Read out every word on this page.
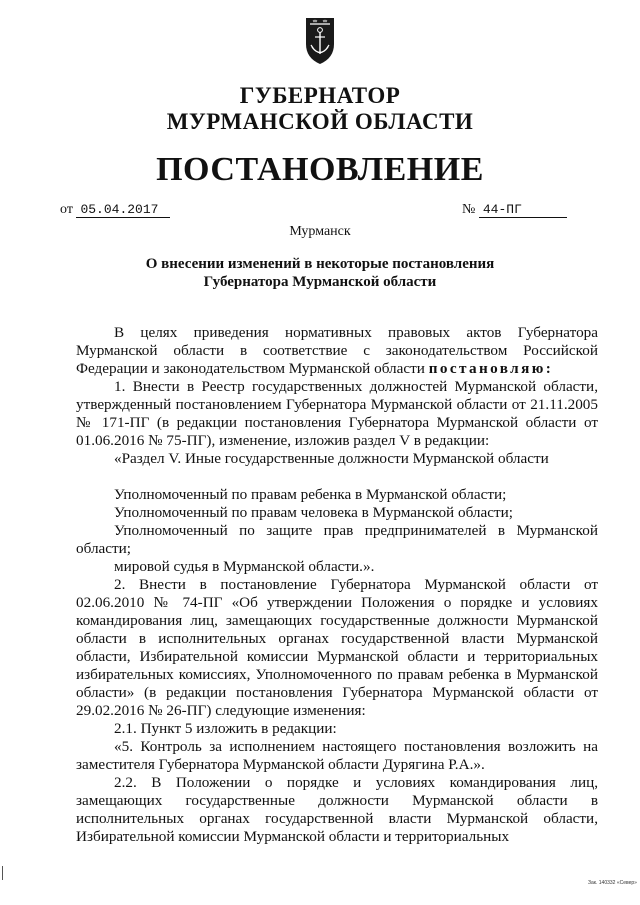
ГУБЕРНАТОР
МУРМАНСКОЙ ОБЛАСТИ
ПОСТАНОВЛЕНИЕ
от 05.04.2017	№ 44-ПГ
Мурманск
О внесении изменений в некоторые постановления
Губернатора Мурманской области

В целях приведения нормативных правовых актов Губернатора Мурманской области в соответствие с законодательством Российской Федерации и законодательством Мурманской области постановляю:

1. Внести в Реестр государственных должностей Мурманской области, утвержденный постановлением Губернатора Мурманской области от 21.11.2005 № 171-ПГ (в редакции постановления Губернатора Мурманской области от 01.06.2016 № 75-ПГ), изменение, изложив раздел V в редакции:

«Раздел V. Иные государственные должности Мурманской области

Уполномоченный по правам ребенка в Мурманской области;

Уполномоченный по правам человека в Мурманской области;

Уполномоченный по защите прав предпринимателей в Мурманской области;

мировой судья в Мурманской области.».

2. Внести в постановление Губернатора Мурманской области от 02.06.2010 № 74-ПГ «Об утверждении Положения о порядке и условиях командирования лиц, замещающих государственные должности Мурманской области в исполнительных органах государственной власти Мурманской области, Избирательной комиссии Мурманской области и территориальных избирательных комиссиях, Уполномоченного по правам ребенка в Мурманской области» (в редакции постановления Губернатора Мурманской области от 29.02.2016 № 26-ПГ) следующие изменения:

2.1. Пункт 5 изложить в редакции:

«5. Контроль за исполнением настоящего постановления возложить на заместителя Губернатора Мурманской области Дурягина Р.А.».

2.2. В Положении о порядке и условиях командирования лиц, замещающих государственные должности Мурманской области в исполнительных органах государственной власти Мурманской области, Избирательной комиссии Мурманской области и территориальных

Зак. 140332 «Север»
